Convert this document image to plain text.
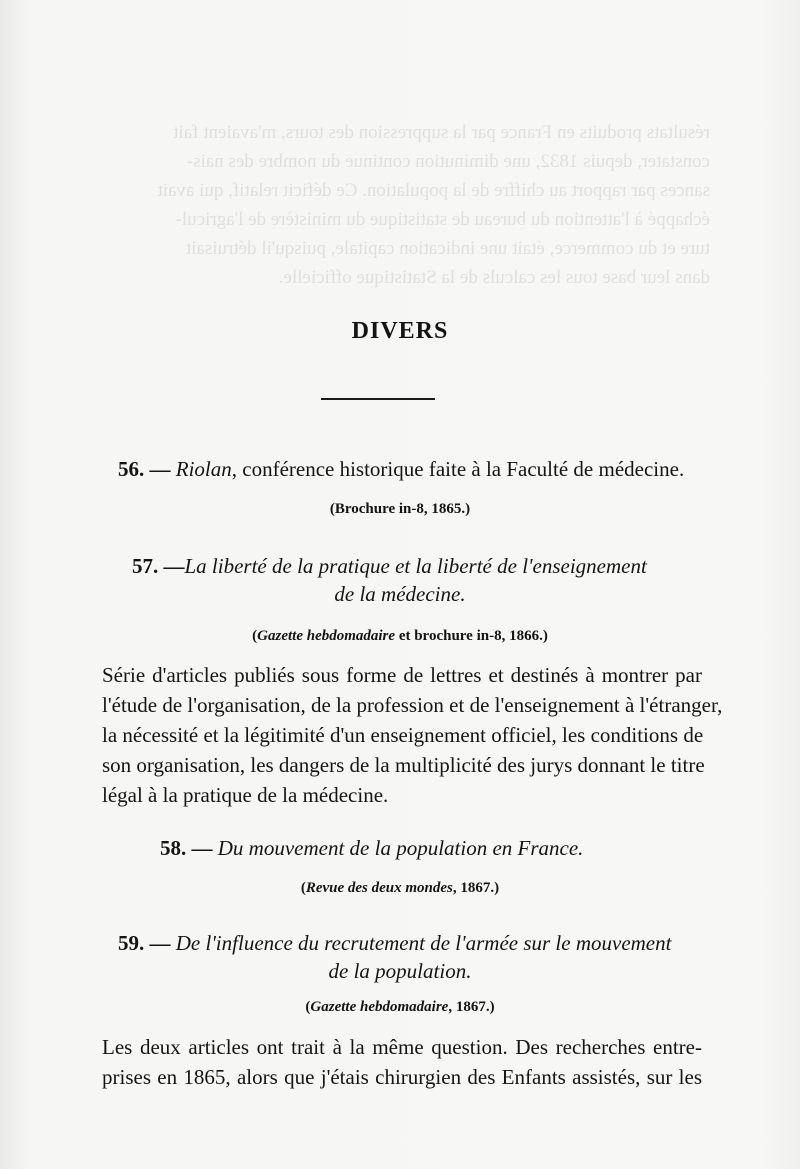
résultats produits en France par la suppression des tours, m'avaient fait
constater, depuis 1832, une diminution continue du nombre des nais-
sances par rapport au chiffre de la population. Ce déficit relatif, qui avait
échappé à l'attention du bureau de statistique du ministère de l'agricul-
ture et du commerce, était une indication capitale, puisqu'il détruisait
dans leur base tous les calculs de la Statistique officielle.
DIVERS
56. — Riolan, conférence historique faite à la Faculté de médecine.
(Brochure in-8, 1865.)
57. —La liberté de la pratique et la liberté de l'enseignement
de la médecine.
(Gazette hebdomadaire et brochure in-8, 1866.)
Série d'articles publiés sous forme de lettres et destinés à montrer par
l'étude de l'organisation, de la profession et de l'enseignement à l'étranger,
la nécessité et la légitimité d'un enseignement officiel, les conditions de
son organisation, les dangers de la multiplicité des jurys donnant le titre
légal à la pratique de la médecine.
58. — Du mouvement de la population en France.
(Revue des deux mondes, 1867.)
59. — De l'influence du recrutement de l'armée sur le mouvement
de la population.
(Gazette hebdomadaire, 1867.)
Les deux articles ont trait à la même question. Des recherches entre-
prises en 1865, alors que j'étais chirurgien des Enfants assistés, sur les
